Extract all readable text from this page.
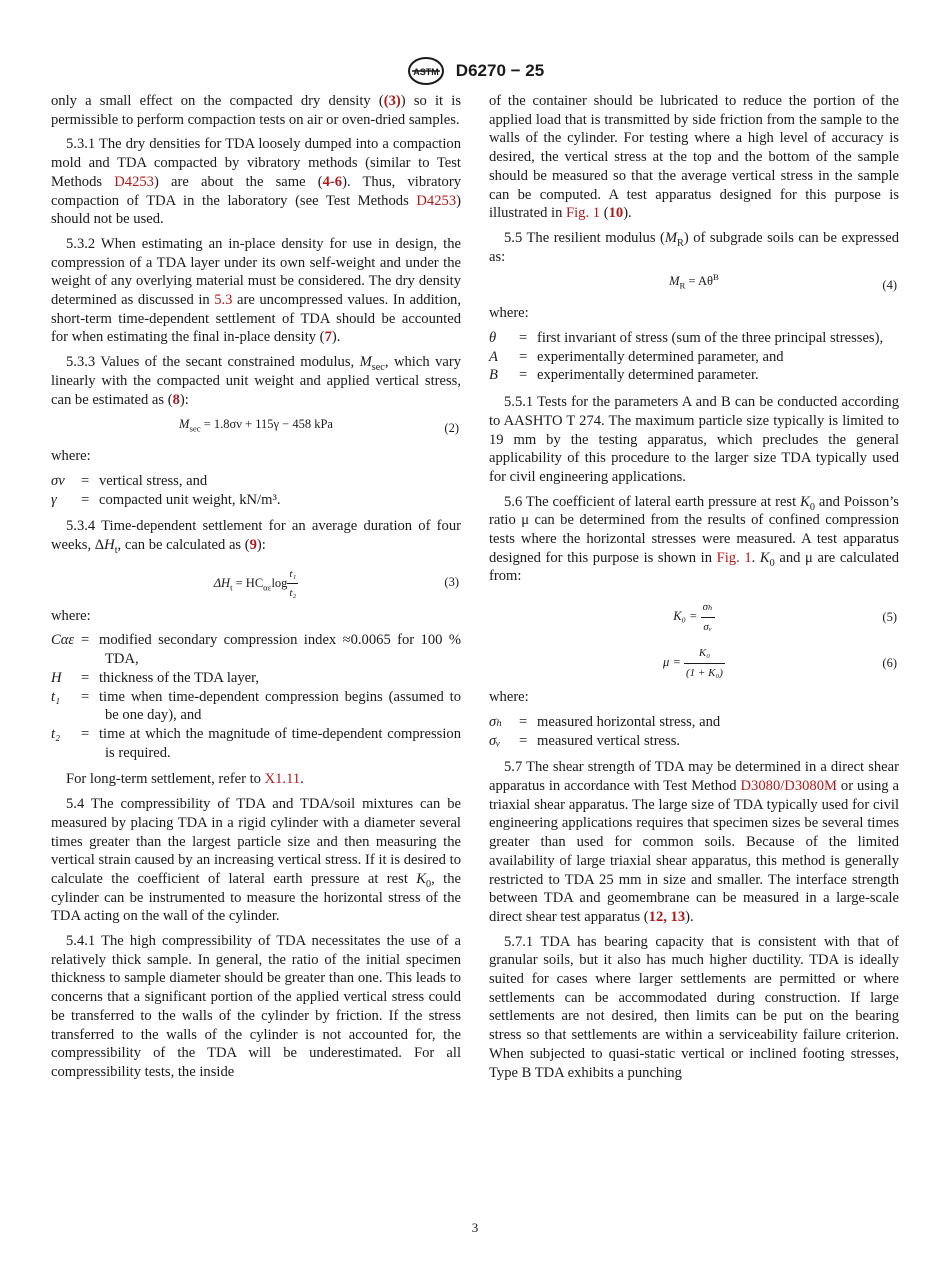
ASTM D6270 − 25

only a small effect on the compacted dry density ((3)) so it is permissible to perform compaction tests on air or oven-dried samples.

5.3.1 The dry densities for TDA loosely dumped into a compaction mold and TDA compacted by vibratory methods (similar to Test Methods D4253) are about the same (4-6). Thus, vibratory compaction of TDA in the laboratory (see Test Methods D4253) should not be used.

5.3.2 When estimating an in-place density for use in design, the compression of a TDA layer under its own self-weight and under the weight of any overlying material must be considered. The dry density determined as discussed in 5.3 are uncompressed values. In addition, short-term time-dependent settlement of TDA should be accounted for when estimating the final in-place density (7).

5.3.3 Values of the secant constrained modulus, $M_{sec}$, which vary linearly with the compacted unit weight and applied vertical stress, can be estimated as (8):

$M_{sec} = 1.8\sigma\nu + 115\gamma - 458$ kPa	(2)

where:

σν	= vertical stress, and
γ	= compacted unit weight, kN/m³.

5.3.4 Time-dependent settlement for an average duration of four weeks, $\Delta H_t$, can be calculated as (9):

$\Delta H_t = HC_{\alpha\varepsilon}\log \frac{\text{t₁}}{\text{t₂}}$	(3)

where:

Cαε = modified secondary compression index ≈0.0065 for 100 % TDA,
H	= thickness of the TDA layer,
t₁	= time when time-dependent compression begins (assumed to be one day), and
t₂	= time at which the magnitude of time-dependent compression is required.

For long-term settlement, refer to X1.11.

5.4 The compressibility of TDA and TDA/soil mixtures can be measured by placing TDA in a rigid cylinder with a diameter several times greater than the largest particle size and then measuring the vertical strain caused by an increasing vertical stress. If it is desired to calculate the coefficient of lateral earth pressure at rest $K_0$, the cylinder can be instrumented to measure the horizontal stress of the TDA acting on the wall of the cylinder.

5.4.1 The high compressibility of TDA necessitates the use of a relatively thick sample. In general, the ratio of the initial specimen thickness to sample diameter should be greater than one. This leads to concerns that a significant portion of the applied vertical stress could be transferred to the walls of the cylinder by friction. If the stress transferred to the walls of the cylinder is not accounted for, the compressibility of the TDA will be underestimated. For all compressibility tests, the inside

of the container should be lubricated to reduce the portion of the applied load that is transmitted by side friction from the sample to the walls of the cylinder. For testing where a high level of accuracy is desired, the vertical stress at the top and the bottom of the sample should be measured so that the average vertical stress in the sample can be computed. A test apparatus designed for this purpose is illustrated in Fig. 1 (10).

5.5 The resilient modulus $(M_R)$ of subgrade soils can be expressed as:

$M_R = A\theta^B$
(4)

where:

θ	= first invariant of stress (sum of the three principal stresses),
A	= experimentally determined parameter, and
B	= experimentally determined parameter.

5.5.1 Tests for the parameters A and B can be conducted according to AASHTO T 274. The maximum particle size typically is limited to 19 mm by the testing apparatus, which precludes the general applicability of this procedure to the larger size TDA typically used for civil engineering applications.

5.6 The coefficient of lateral earth pressure at rest $K_0$ and Poisson’s ratio μ can be determined from the results of confined compression tests where the horizontal stresses were measured. A test apparatus designed for this purpose is shown in Fig. 1. $K_0$ and μ are calculated from:

$K_0 = \frac{\text{σₕ}}{\text{σᵥ}}$	(5)
$\mu = \frac{\text{K₀}}{\text{(1 + K₀)}}$	(6)

where:

σₕ	= measured horizontal stress, and
σᵥ	= measured vertical stress.

5.7 The shear strength of TDA may be determined in a direct shear apparatus in accordance with Test Method D3080/D3080M or using a triaxial shear apparatus. The large size of TDA typically used for civil engineering applications requires that specimen sizes be several times greater than used for common soils. Because of the limited availability of large triaxial shear apparatus, this method is generally restricted to TDA 25 mm in size and smaller. The interface strength between TDA and geomembrane can be measured in a large-scale direct shear test apparatus (12, 13).

5.7.1 TDA has bearing capacity that is consistent with that of granular soils, but it also has much higher ductility. TDA is ideally suited for cases where larger settlements are permitted or where settlements can be accommodated during construction. If large settlements are not desired, then limits can be put on the bearing stress so that settlements are within a serviceability failure criterion. When subjected to quasi-static vertical or inclined footing stresses, Type B TDA exhibits a punching

3
